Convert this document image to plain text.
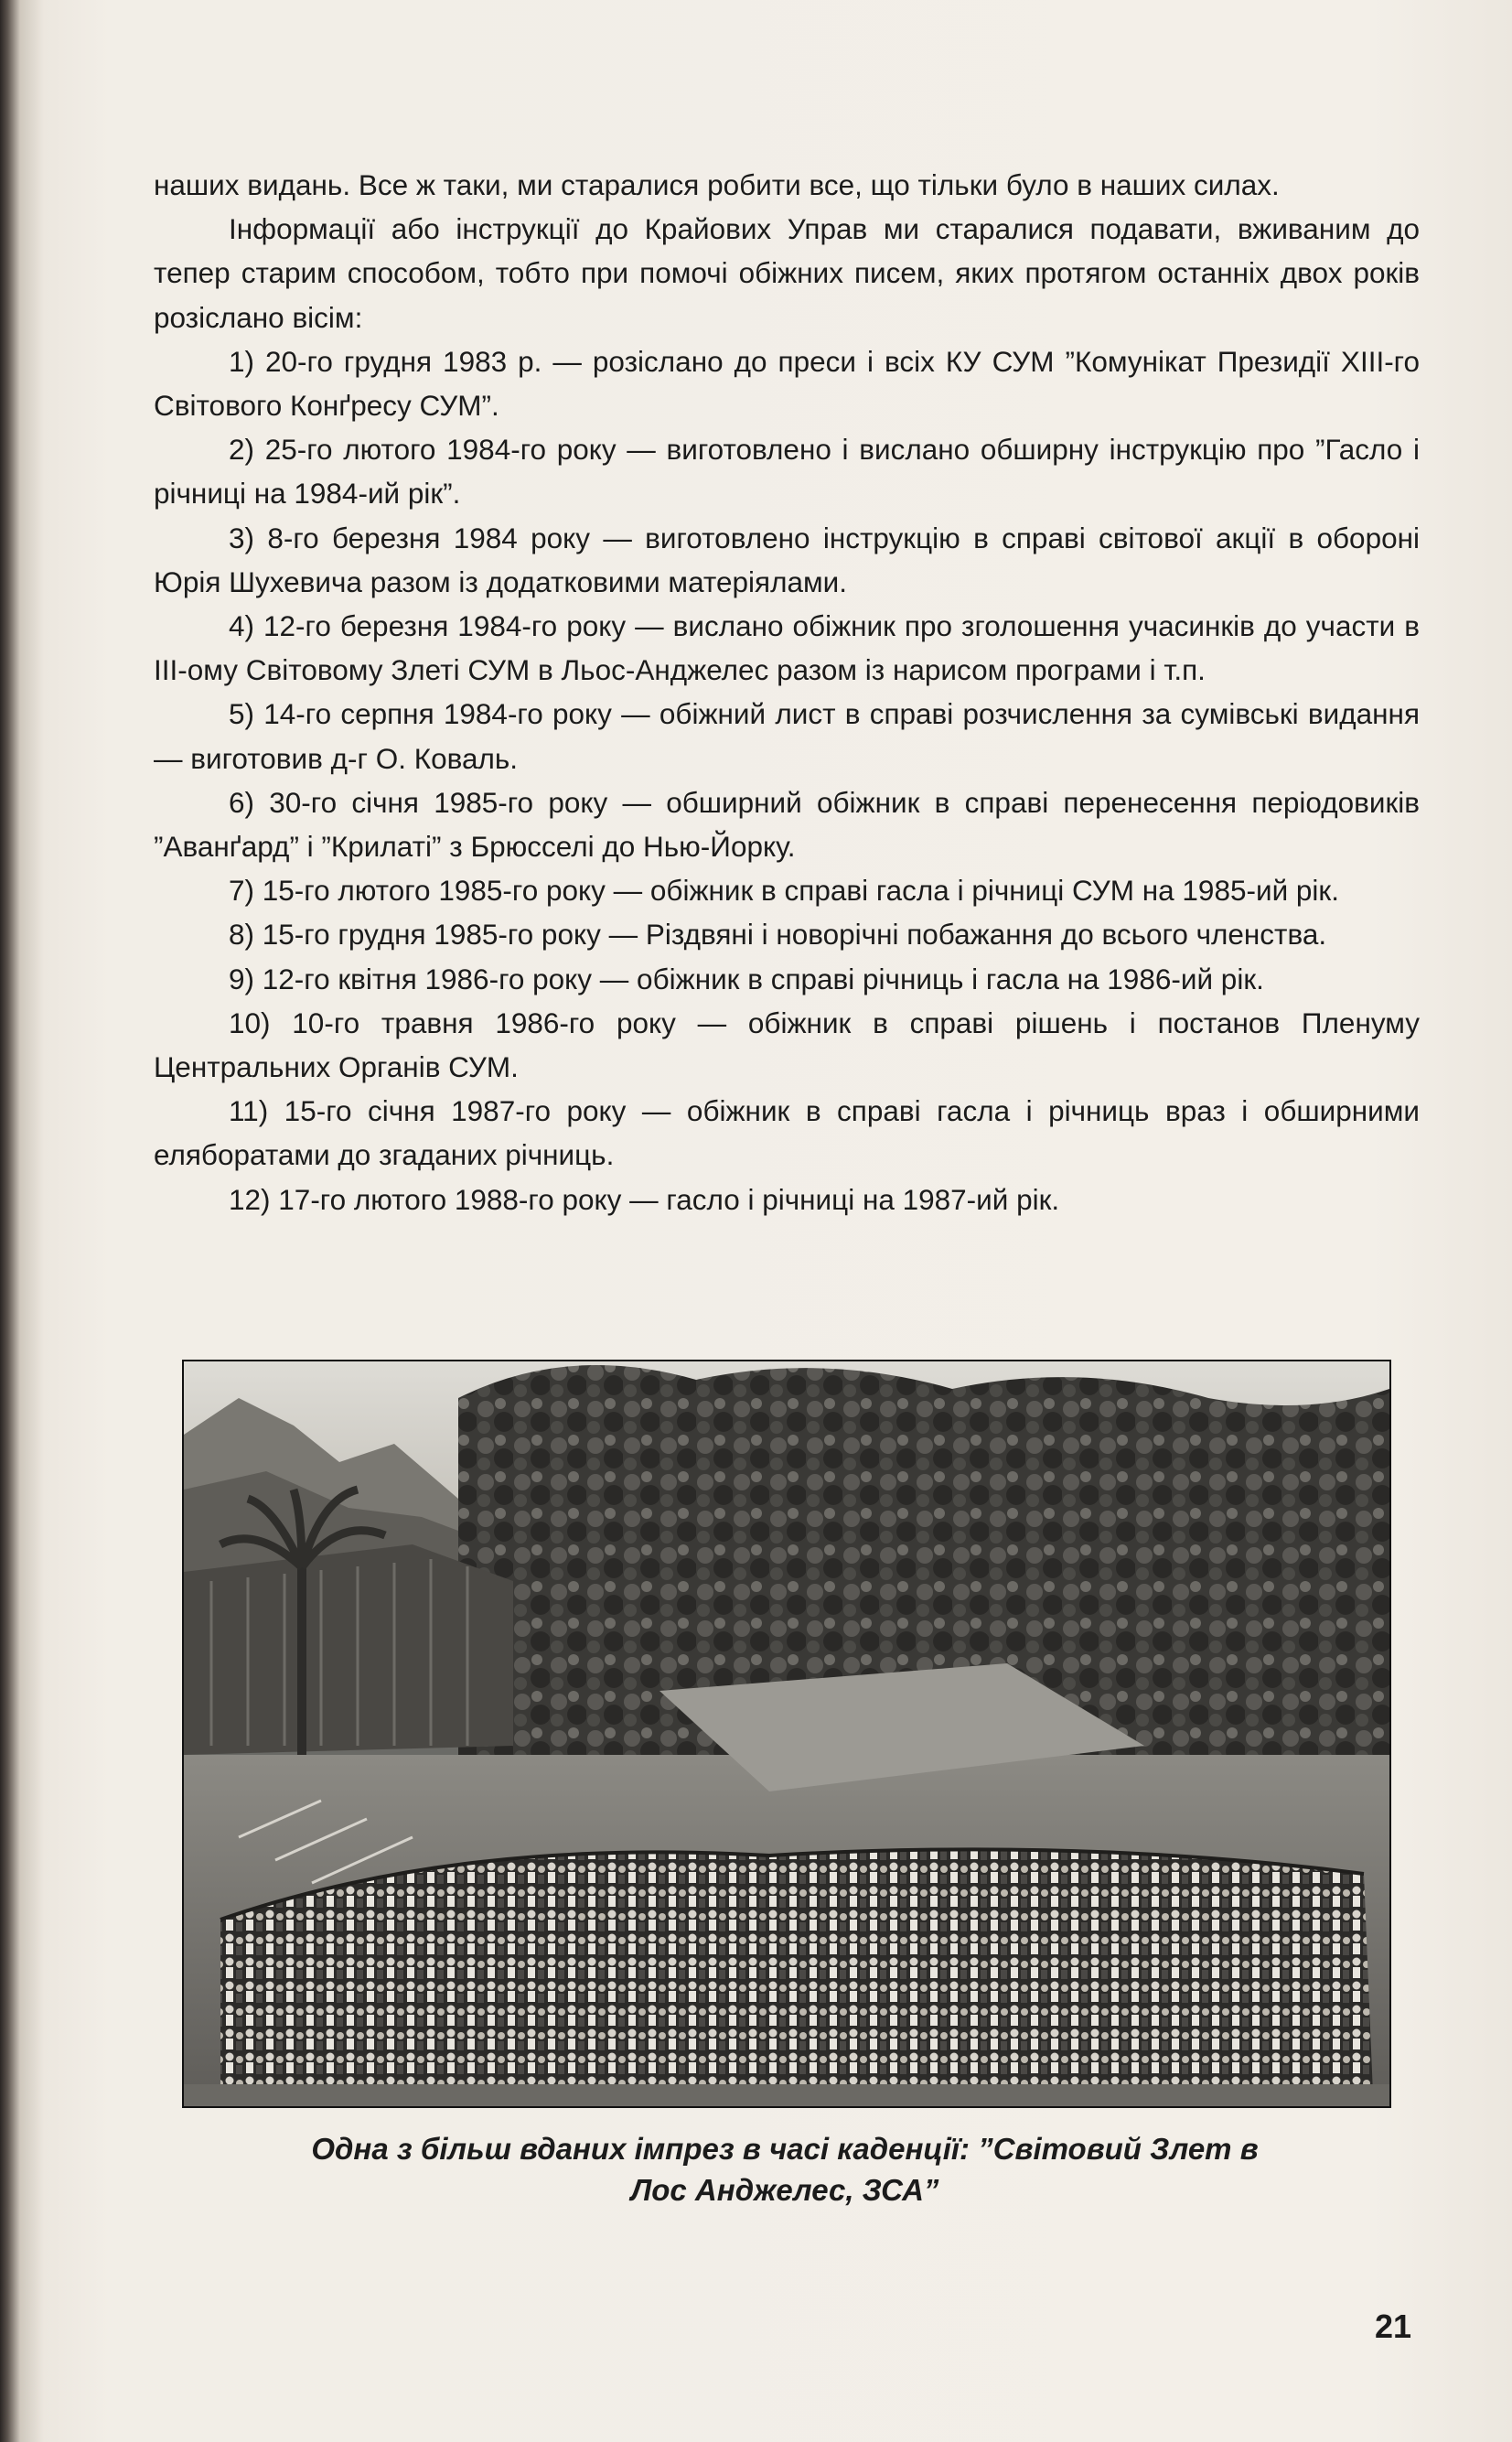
наших видань. Все ж таки, ми старалися робити все, що тільки було в наших силах.

Інформації або інструкції до Крайових Управ ми старалися подавати, вживаним до тепер старим способом, тобто при помочі обіжних писем, яких протягом останніх двох років розіслано вісім:

1) 20-го грудня 1983 р. — розіслано до преси і всіх КУ СУМ ”Комунікат Президії XIII-го Світового Конґресу СУМ”.

2) 25-го лютого 1984-го року — виготовлено і вислано обширну інструкцію про ”Гасло і річниці на 1984-ий рік”.

3) 8-го березня 1984 року — виготовлено інструкцію в справі світової акції в обороні Юрія Шухевича разом із додатковими матеріялами.

4) 12-го березня 1984-го року — вислано обіжник про зголошення учасинків до участи в III-ому Світовому Злеті СУМ в Льос-Анджелес разом із нарисом програми і т.п.

5) 14-го серпня 1984-го року — обіжний лист в справі розчислення за сумівські видання — виготовив д-г О. Коваль.

6) 30-го січня 1985-го року — обширний обіжник в справі перенесення періодовиків ”Аванґард” і ”Крилаті” з Брюсселі до Нью-Йорку.

7) 15-го лютого 1985-го року — обіжник в справі гасла і річниці СУМ на 1985-ий рік.

8) 15-го грудня 1985-го року — Різдвяні і новорічні побажання до всього членства.

9) 12-го квітня 1986-го року — обіжник в справі річниць і гасла на 1986-ий рік.

10) 10-го травня 1986-го року — обіжник в справі рішень і постанов Пленуму Центральних Органів СУМ.

11) 15-го січня 1987-го року — обіжник в справі гасла і річниць враз і обширними елябoратами до згаданих річниць.

12) 17-го лютого 1988-го року — гасло і річниці на 1987-ий рік.

Одна з більш вданих імпрез в часі каденції: ”Світовий Злет в
Лос Анджелес, ЗСА”
21
